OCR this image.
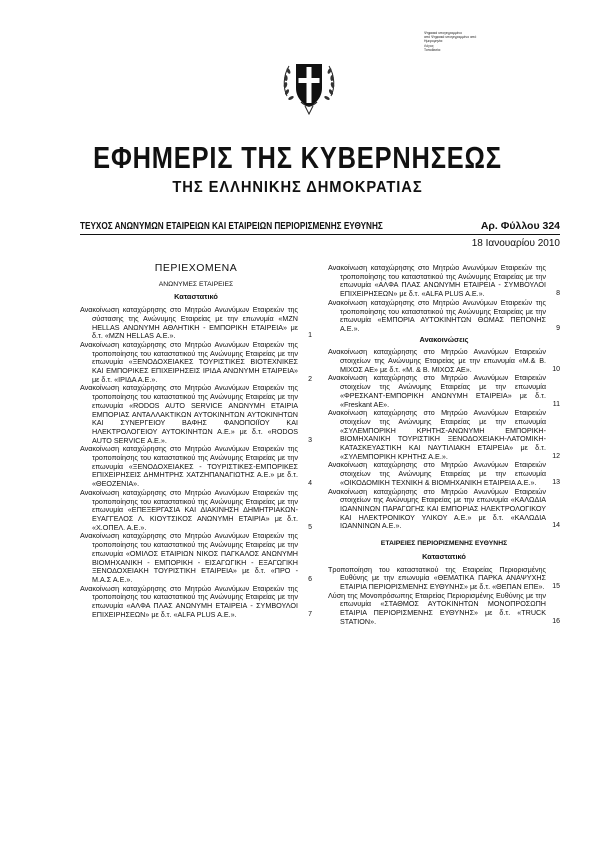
Ψηφιακά υπογεγραμμένο
από Ψηφιακά υπογεγραμμένο από
Ημερομηνία:
Λόγος:
Τοποθεσία:
ΕΦΗΜΕΡΙΣ ΤΗΣ ΚΥΒΕΡΝΗΣΕΩΣ
ΤΗΣ ΕΛΛΗΝΙΚΗΣ ΔΗΜΟΚΡΑΤΙΑΣ
ΤΕΥΧΟΣ ΑΝΩΝΥΜΩΝ ΕΤΑΙΡΕΙΩΝ ΚΑΙ ΕΤΑΙΡΕΙΩΝ ΠΕΡΙΟΡΙΣΜΕΝΗΣ ΕΥΘΥΝΗΣ	Αρ. Φύλλου 324
18 Ιανουαρίου 2010
ΠΕΡΙΕΧΟΜΕΝΑ
ΑΝΩΝΥΜΕΣ ΕΤΑΙΡΕΙΕΣ
Καταστατικό
Ανακοίνωση καταχώρησης στο Μητρώο Ανωνύμων Εταιρειών της σύστασης της Ανώνυμης Εταιρείας με την επωνυμία «ΜΖΝ HELLAS ΑΝΩΝΥΜΗ ΑΘΛΗΤΙΚΗ - ΕΜΠΟΡΙΚΗ ΕΤΑΙΡΕΙΑ» με δ.τ. «ΜΖΝ HELLAS Α.Ε.».	1
Ανακοίνωση καταχώρησης στο Μητρώο Ανωνύμων Εταιρειών της τροποποίησης του καταστατικού της Ανώνυμης Εταιρείας με την επωνυμία «ΞΕΝΟΔΟΧΕΙΑΚΕΣ ΤΟΥΡΙΣΤΙΚΕΣ ΒΙΟΤΕΧΝΙΚΕΣ ΚΑΙ ΕΜΠΟΡΙΚΕΣ ΕΠΙΧΕΙΡΗΣΕΙΣ ΙΡΙΔΑ ΑΝΩΝΥΜΗ ΕΤΑΙΡΕΙΑ» με δ.τ. «ΙΡΙΔΑ Α.Ε.».	2
Ανακοίνωση καταχώρησης στο Μητρώο Ανωνύμων Εταιρειών της τροποποίησης του καταστατικού της Ανώνυμης Εταιρείας με την επωνυμία «RODOS AUTO SERVICE ΑΝΩΝΥΜΗ ΕΤΑΙΡΙΑ ΕΜΠΟΡΙΑΣ ΑΝΤΑΛΛΑΚΤΙΚΩΝ ΑΥΤΟΚΙΝΗΤΩΝ ΑΥΤΟΚΙΝΗΤΩΝ ΚΑΙ ΣΥΝΕΡΓΕΙΟΥ ΒΑΦΗΣ ΦΑΝΟΠΟΙΪΟΥ ΚΑΙ ΗΛΕΚΤΡΟΛΟΓΕΙΟΥ ΑΥΤΟΚΙΝΗΤΩΝ Α.Ε.» με δ.τ. «RODOS AUTO SERVICE Α.Ε.».	3
Ανακοίνωση καταχώρησης στο Μητρώο Ανωνύμων Εταιρειών της τροποποίησης του καταστατικού της Ανώνυμης Εταιρείας με την επωνυμία «ΞΕΝΟΔΟΧΕΙΑΚΕΣ - ΤΟΥΡΙΣΤΙΚΕΣ-ΕΜΠΟΡΙΚΕΣ ΕΠΙΧΕΙΡΗΣΕΙΣ ΔΗΜΗΤΡΗΣ ΧΑΤΖΗΠΑΝΑΓΙΩΤΗΣ Α.Ε.» με δ.τ. «ΘΕΟΖΕΝΙΑ».	4
Ανακοίνωση καταχώρησης στο Μητρώο Ανωνύμων Εταιρειών της τροποποίησης του καταστατικού της Ανώνυμης Εταιρείας με την επωνυμία «ΕΠΕΞΕΡΓΑΣΙΑ ΚΑΙ ΔΙΑΚΙΝΗΣΗ ΔΗΜΗΤΡΙΑΚΩΝ-ΕΥΑΓΓΕΛΟΣ Λ. ΚΙΟΥΤΣΙΚΟΣ ΑΝΩΝΥΜΗ ΕΤΑΙΡΙΑ» με δ.τ. «Χ.ΟΠΕΛ. Α.Ε.».	5
Ανακοίνωση καταχώρησης στο Μητρώο Ανωνύμων Εταιρειών της τροποποίησης του καταστατικού της Ανώνυμης Εταιρείας με την επωνυμία «ΟΜΙΛΟΣ ΕΤΑΙΡΙΩΝ ΝΙΚΟΣ ΠΑΓΚΑΛΟΣ ΑΝΩΝΥΜΗ ΒΙΟΜΗΧΑΝΙΚΗ - ΕΜΠΟΡΙΚΗ - ΕΙΣΑΓΩΓΙΚΗ - ΕΞΑΓΩΓΙΚΗ ΞΕΝΟΔΟΧΕΙΑΚΗ ΤΟΥΡΙΣΤΙΚΗ ΕΤΑΙΡΕΙΑ» με δ.τ. «ΠΡΟ - Μ.Α.Σ Α.Ε.».	6
Ανακοίνωση καταχώρησης στο Μητρώο Ανωνύμων Εταιρειών της τροποποίησης του καταστατικού της Ανώνυμης Εταιρείας με την επωνυμία «ΑΛΦΑ ΠΛΑΣ ΑΝΩΝΥΜΗ ΕΤΑΙΡΕΙΑ - ΣΥΜΒΟΥΛΟΙ ΕΠΙΧΕΙΡΗΣΕΩΝ» με δ.τ. «ALFA PLUS A.E.».	7
Ανακοίνωση καταχώρησης στο Μητρώο Ανωνύμων Εταιρειών της τροποποίησης του καταστατικού της Ανώνυμης Εταιρείας με την επωνυμία «ΑΛΦΑ ΠΛΑΣ ΑΝΩΝΥΜΗ ΕΤΑΙΡΕΙΑ - ΣΥΜΒΟΥΛΟΙ ΕΠΙΧΕΙΡΗΣΕΩΝ» με δ.τ. «ALFA PLUS A.E.».	8
Ανακοίνωση καταχώρησης στο Μητρώο Ανωνύμων Εταιρειών της τροποποίησης του καταστατικού της Ανώνυμης Εταιρείας με την επωνυμία «ΕΜΠΟΡΙΑ ΑΥΤΟΚΙΝΗΤΩΝ ΘΩΜΑΣ ΠΕΠΟΝΗΣ Α.Ε.».	9
Ανακοινώσεις
Ανακοίνωση καταχώρησης στο Μητρώο Ανωνύμων Εταιρειών στοιχείων της Ανώνυμης Εταιρείας με την επωνυμία «Μ.& Β. ΜΙΧΟΣ ΑΕ» με δ.τ. «Μ. & Β. ΜΙΧΟΣ ΑΕ».	10
Ανακοίνωση καταχώρησης στο Μητρώο Ανωνύμων Εταιρειών στοιχείων της Ανώνυμης Εταιρείας με την επωνυμία «ΦΡΕΣΚΑΝΤ-ΕΜΠΟΡΙΚΗ ΑΝΩΝΥΜΗ ΕΤΑΙΡΕΙΑ» με δ.τ. «Freskant AE».	11
Ανακοίνωση καταχώρησης στο Μητρώο Ανωνύμων Εταιρειών στοιχείων της Ανώνυμης Εταιρείας με την επωνυμία «ΣΥΛΕΜΠΟΡΙΚΗ ΚΡΗΤΗΣ-ΑΝΩΝΥΜΗ ΕΜΠΟΡΙΚΗ-ΒΙΟΜΗΧΑΝΙΚΗ ΤΟΥΡΙΣΤΙΚΗ ΞΕΝΟΔΟΧΕΙΑΚΗ-ΛΑΤΟΜΙΚΗ-ΚΑΤΑΣΚΕΥΑΣΤΙΚΗ ΚΑΙ ΝΑΥΤΙΛΙΑΚΗ ΕΤΑΙΡΕΙΑ» με δ.τ. «ΣΥΛΕΜΠΟΡΙΚΗ ΚΡΗΤΗΣ Α.Ε.».	12
Ανακοίνωση καταχώρησης στο Μητρώο Ανωνύμων Εταιρειών στοιχείων της Ανώνυμης Εταιρείας με την επωνυμία «ΟΙΚΟΔΟΜΙΚΗ ΤΕΧΝΙΚΗ & ΒΙΟΜΗΧΑΝΙΚΗ ΕΤΑΙΡΕΙΑ Α.Ε.».	13
Ανακοίνωση καταχώρησης στο Μητρώο Ανωνύμων Εταιρειών στοιχείων της Ανώνυμης Εταιρείας με την επωνυμία «ΚΑΛΩΔΙΑ ΙΩΑΝΝΙΝΩΝ ΠΑΡΑΓΩΓΗΣ ΚΑΙ ΕΜΠΟΡΙΑΣ ΗΛΕΚΤΡΟΛΟΓΙΚΟΥ ΚΑΙ ΗΛΕΚΤΡΟΝΙΚΟΥ ΥΛΙΚΟΥ Α.Ε.» με δ.τ. «ΚΑΛΩΔΙΑ ΙΩΑΝΝΙΝΩΝ Α.Ε.».	14
ΕΤΑΙΡΕΙΕΣ ΠΕΡΙΟΡΙΣΜΕΝΗΣ ΕΥΘΥΝΗΣ
Καταστατικό
Τροποποίηση του καταστατικού της Εταιρείας Περιορισμένης Ευθύνης με την επωνυμία «ΘΕΜΑΤΙΚΑ ΠΑΡΚΑ ΑΝΑΨΥΧΗΣ ΕΤΑΙΡΙΑ ΠΕΡΙΟΡΙΣΜΕΝΗΣ ΕΥΘΥΝΗΣ» με δ.τ. «ΘΕΠΑΝ ΕΠΕ».	15
Λύση της Μονοπρόσωπης Εταιρείας Περιορισμένης Ευθύνης με την επωνυμία «ΣΤΑΘΜΟΣ ΑΥΤΟΚΙΝΗΤΩΝ ΜΟΝΟΠΡΟΣΩΠΗ ΕΤΑΙΡΙΑ ΠΕΡΙΟΡΙΣΜΕΝΗΣ ΕΥΘΥΝΗΣ» με δ.τ. «TRUCK STATION».	16
